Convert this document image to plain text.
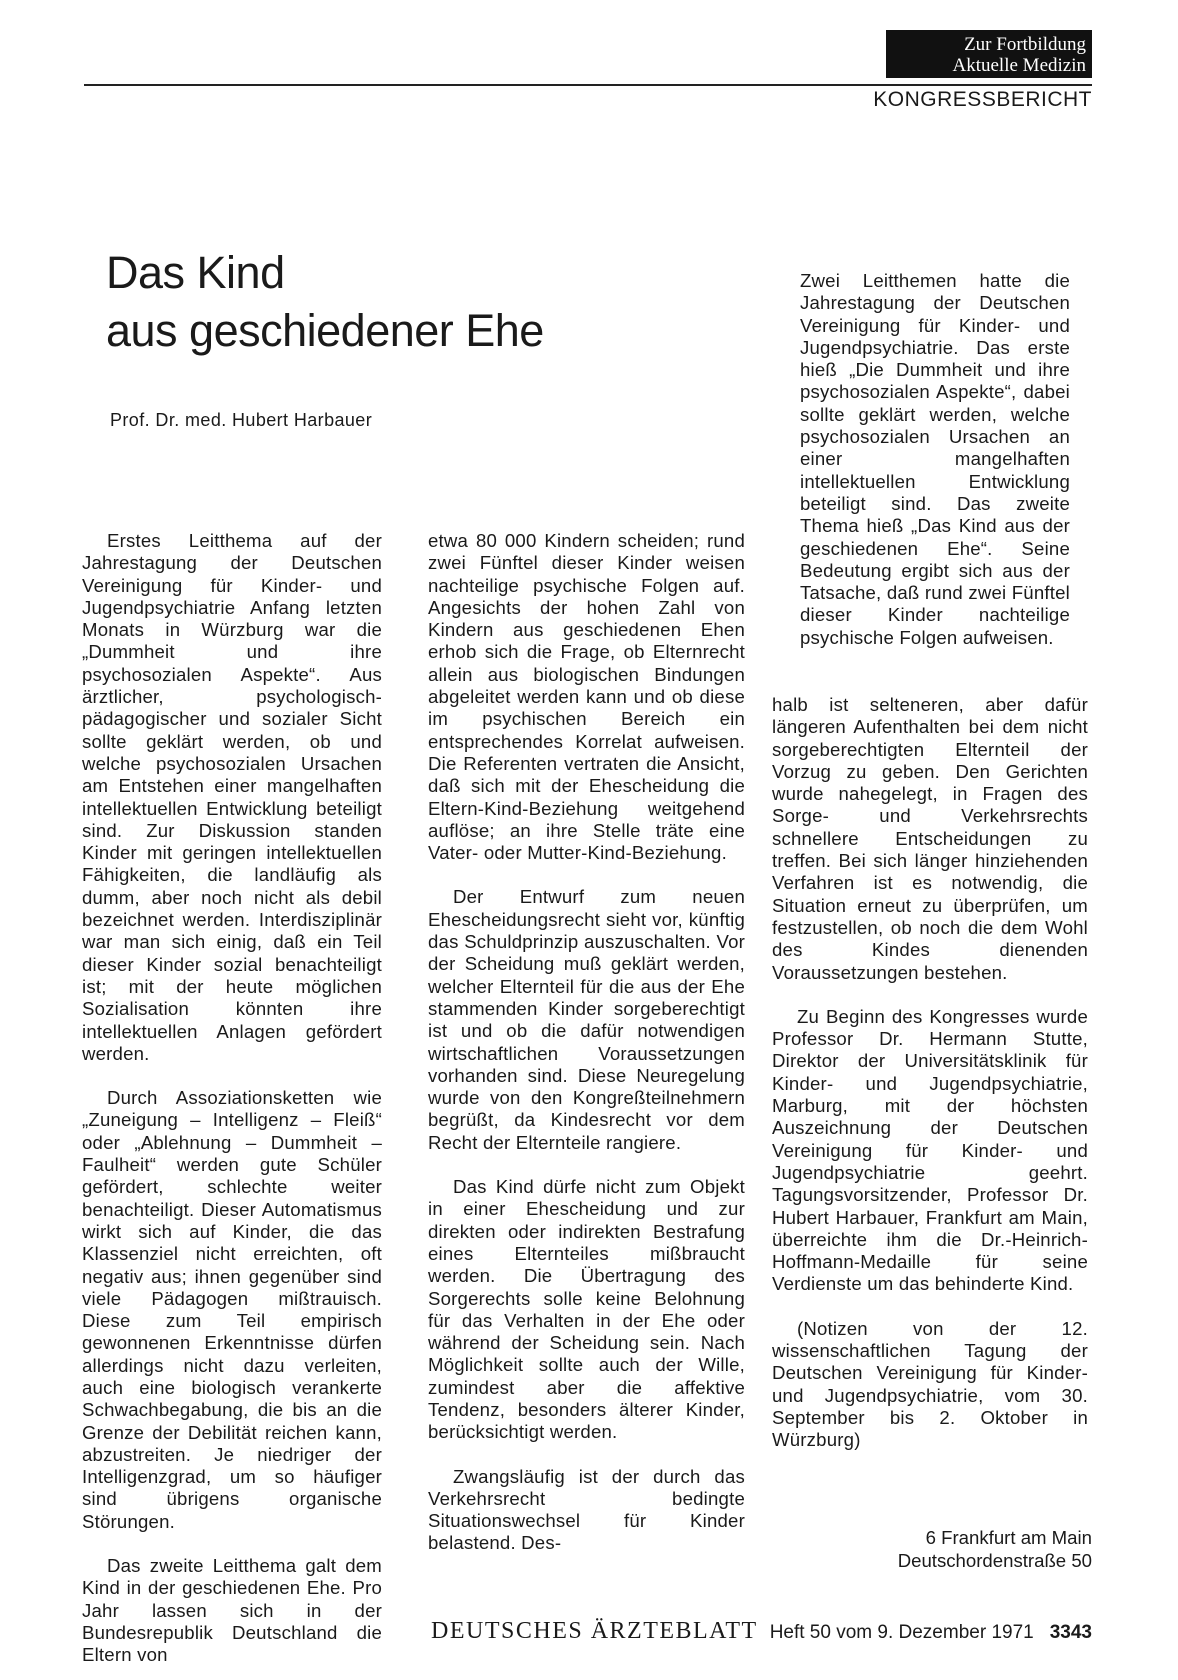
Zur Fortbildung
Aktuelle Medizin
KONGRESSBERICHT
Das Kind
aus geschiedener Ehe
Prof. Dr. med. Hubert Harbauer

Zwei Leitthemen hatte die Jahrestagung der Deutschen Vereinigung für Kinder- und Jugendpsychiatrie. Das erste hieß „Die Dummheit und ihre psychosozialen Aspekte“, dabei sollte geklärt werden, welche psychosozialen Ursachen an einer mangelhaften intellektuellen Entwicklung beteiligt sind. Das zweite Thema hieß „Das Kind aus der geschiedenen Ehe“. Seine Bedeutung ergibt sich aus der Tatsache, daß rund zwei Fünftel dieser Kinder nachteilige psychische Folgen aufweisen.

Erstes Leitthema auf der Jahrestagung der Deutschen Vereinigung für Kinder- und Jugendpsychiatrie Anfang letzten Monats in Würzburg war die „Dummheit und ihre psychosozialen Aspekte“. Aus ärztlicher, psychologisch-pädagogischer und sozialer Sicht sollte geklärt werden, ob und welche psychosozialen Ursachen am Entstehen einer mangelhaften intellektuellen Entwicklung beteiligt sind. Zur Diskussion standen Kinder mit geringen intellektuellen Fähigkeiten, die landläufig als dumm, aber noch nicht als debil bezeichnet werden. Interdisziplinär war man sich einig, daß ein Teil dieser Kinder sozial benachteiligt ist; mit der heute möglichen Sozialisation könnten ihre intellektuellen Anlagen gefördert werden.

Durch Assoziationsketten wie „Zuneigung – Intelligenz – Fleiß“ oder „Ablehnung – Dummheit – Faulheit“ werden gute Schüler gefördert, schlechte weiter benachteiligt. Dieser Automatismus wirkt sich auf Kinder, die das Klassenziel nicht erreichten, oft negativ aus; ihnen gegenüber sind viele Pädagogen mißtrauisch. Diese zum Teil empirisch gewonnenen Erkenntnisse dürfen allerdings nicht dazu verleiten, auch eine biologisch verankerte Schwachbegabung, die bis an die Grenze der Debilität reichen kann, abzustreiten. Je niedriger der Intelligenzgrad, um so häufiger sind übrigens organische Störungen.

Das zweite Leitthema galt dem Kind in der geschiedenen Ehe. Pro Jahr lassen sich in der Bundesrepublik Deutschland die Eltern von

etwa 80 000 Kindern scheiden; rund zwei Fünftel dieser Kinder weisen nachteilige psychische Folgen auf. Angesichts der hohen Zahl von Kindern aus geschiedenen Ehen erhob sich die Frage, ob Elternrecht allein aus biologischen Bindungen abgeleitet werden kann und ob diese im psychischen Bereich ein entsprechendes Korrelat aufweisen. Die Referenten vertraten die Ansicht, daß sich mit der Ehescheidung die Eltern-Kind-Beziehung weitgehend auflöse; an ihre Stelle träte eine Vater- oder Mutter-Kind-Beziehung.

Der Entwurf zum neuen Ehescheidungsrecht sieht vor, künftig das Schuldprinzip auszuschalten. Vor der Scheidung muß geklärt werden, welcher Elternteil für die aus der Ehe stammenden Kinder sorgeberechtigt ist und ob die dafür notwendigen wirtschaftlichen Voraussetzungen vorhanden sind. Diese Neuregelung wurde von den Kongreßteilnehmern begrüßt, da Kindesrecht vor dem Recht der Elternteile rangiere.

Das Kind dürfe nicht zum Objekt in einer Ehescheidung und zur direkten oder indirekten Bestrafung eines Elternteiles mißbraucht werden. Die Übertragung des Sorgerechts solle keine Belohnung für das Verhalten in der Ehe oder während der Scheidung sein. Nach Möglichkeit sollte auch der Wille, zumindest aber die affektive Tendenz, besonders älterer Kinder, berücksichtigt werden.

Zwangsläufig ist der durch das Verkehrsrecht bedingte Situationswechsel für Kinder belastend. Des-

halb ist selteneren, aber dafür längeren Aufenthalten bei dem nicht sorgeberechtigten Elternteil der Vorzug zu geben. Den Gerichten wurde nahegelegt, in Fragen des Sorge- und Verkehrsrechts schnellere Entscheidungen zu treffen. Bei sich länger hinziehenden Verfahren ist es notwendig, die Situation erneut zu überprüfen, um festzustellen, ob noch die dem Wohl des Kindes dienenden Voraussetzungen bestehen.

Zu Beginn des Kongresses wurde Professor Dr. Hermann Stutte, Direktor der Universitätsklinik für Kinder- und Jugendpsychiatrie, Marburg, mit der höchsten Auszeichnung der Deutschen Vereinigung für Kinder- und Jugendpsychiatrie geehrt. Tagungsvorsitzender, Professor Dr. Hubert Harbauer, Frankfurt am Main, überreichte ihm die Dr.-Heinrich-Hoffmann-Medaille für seine Verdienste um das behinderte Kind.

(Notizen von der 12. wissenschaftlichen Tagung der Deutschen Vereinigung für Kinder- und Jugendpsychiatrie, vom 30. September bis 2. Oktober in Würzburg)

6 Frankfurt am Main
Deutschordenstraße 50
DEUTSCHES ÄRZTEBLATT Heft 50 vom 9. Dezember 1971 3343
